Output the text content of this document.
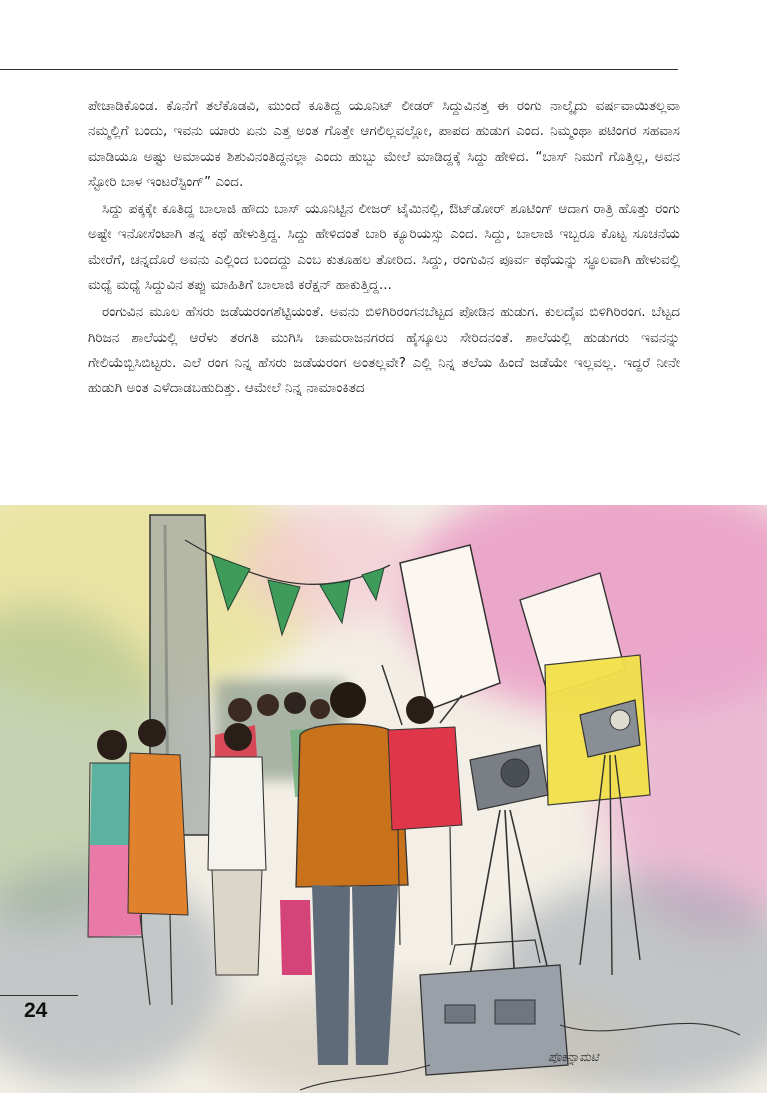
ಪೇಚಾಡಿಕೊಂಡ. ಕೊನೆಗೆ ತಲೆಕೊಡವಿ, ಮುಂದೆ ಕೂತಿದ್ದ ಯೂನಿಟ್ ಲೀಡರ್ ಸಿದ್ದುವಿನತ್ತ ಈ ರಂಗು ನಾಲ್ಕೈದು ವರ್ಷವಾಯಿತಲ್ಲವಾ ನಮ್ಮಲ್ಲಿಗೆ ಬಂದು, ಇವನು ಯಾರು ಏನು ಎತ್ತ ಅಂತ ಗೊತ್ತೇ ಆಗಲಿಲ್ಲವಲ್ಲೋ, ಪಾಪದ ಹುಡುಗ ಎಂದ. ನಿಮ್ಮಂಥಾ ಪಟಿಂಗರ ಸಹವಾಸ ಮಾಡಿಯೂ ಅಷ್ಟು ಅಮಾಯಕ ಶಿಶುವಿನಂತಿದ್ದನಲ್ಲಾ ಎಂದು ಹುಬ್ಬು ಮೇಲೆ ಮಾಡಿದ್ದಕ್ಕೆ ಸಿದ್ದು ಹೇಳಿದ. “ಬಾಸ್ ನಿಮಗೆ ಗೊತ್ತಿಲ್ಲ, ಅವನ ಸ್ಟೋರಿ ಬಾಳ ಇಂಟರೆಸ್ಟಿಂಗ್” ಎಂದ.

ಸಿದ್ದು ಪಕ್ಕಕ್ಕೇ ಕೂತಿದ್ದ ಬಾಲಾಜಿ ಹೌದು ಬಾಸ್ ಯೂನಿಟ್ಟಿನ ಲೀಜರ್ ಟೈಮಿನಲ್ಲಿ, ಔಟ್‌ಡೋರ್ ಶೂಟಿಂಗ್ ಆದಾಗ ರಾತ್ರಿ ಹೊತ್ತು ರಂಗು ಅಷ್ಟೇ ಇನೋಸೆಂಟಾಗಿ ತನ್ನ ಕಥೆ ಹೇಳುತ್ತಿದ್ದ. ಸಿದ್ದು ಹೇಳಿದಂತೆ ಬಾರಿ ಕ್ಯೂರಿಯಸ್ಸು ಎಂದ. ಸಿದ್ದು, ಬಾಲಾಜಿ ಇಬ್ಬರೂ ಕೊಟ್ಟ ಸೂಚನೆಯ ಮೇರೆಗೆ, ಚನ್ನದೊರೆ ಅವನು ಎಲ್ಲಿಂದ ಬಂದದ್ದು ಎಂಬ ಕುತೂಹಲ ತೋರಿದ. ಸಿದ್ದು, ರಂಗುವಿನ ಪೂರ್ವ ಕಥೆಯನ್ನು ಸ್ಥೂಲವಾಗಿ ಹೇಳುವಲ್ಲಿ ಮಧ್ಯೆ ಮಧ್ಯೆ ಸಿದ್ದುವಿನ ತಪ್ಪು ಮಾಹಿತಿಗೆ ಬಾಲಾಜಿ ಕರೆಕ್ಷನ್ ಹಾಕುತ್ತಿದ್ದ...

ರಂಗುವಿನ ಮೂಲ ಹೆಸರು ಜಡೆಯರಂಗಶೆಟ್ಟಿಯಂತೆ. ಅವನು ಬಿಳಿಗಿರಿರಂಗನಬೆಟ್ಟದ ಪೋಡಿನ ಹುಡುಗ. ಕುಲದೈವ ಬಿಳಿಗಿರಿರಂಗ. ಬೆಟ್ಟದ ಗಿರಿಜನ ಶಾಲೆಯಲ್ಲಿ ಆರೆಳು ತರಗತಿ ಮುಗಿಸಿ ಚಾಮರಾಜನಗರದ ಹೈಸ್ಕೂಲು ಸೇರಿದನಂತೆ. ಶಾಲೆಯಲ್ಲಿ ಹುಡುಗರು ಇವನನ್ನು ಗೇಲಿಯೆಬ್ಬಿಸಿಬಿಟ್ಟರು. ಎಲೆ ರಂಗ ನಿನ್ನ ಹೆಸರು ಜಡೆಯರಂಗ ಅಂತಲ್ಲವೇ? ಎಲ್ಲಿ ನಿನ್ನ ತಲೆಯ ಹಿಂದೆ ಜಡೆಯೇ ಇಲ್ಲವಲ್ಲ. ಇದ್ದರೆ ನೀನೇ ಹುಡುಗಿ ಅಂತ ಎಳೆದಾಡಬಹುದಿತ್ತು. ಆಮೇಲೆ ನಿನ್ನ ನಾಮಾಂಕಿತದ

ಪೊಕನ್ನಾಮಟಿ
24
